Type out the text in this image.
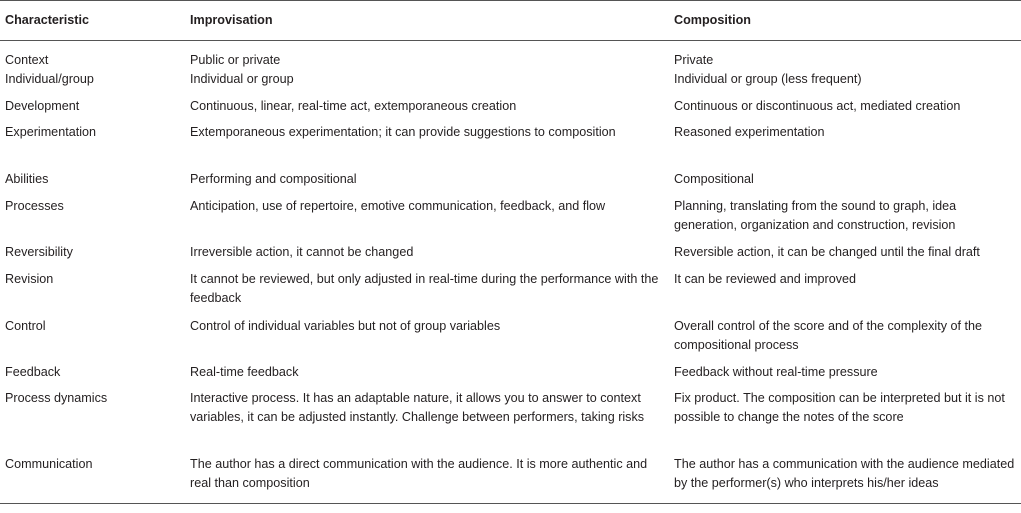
Characteristic	Improvisation	Composition
Context	Public or private	Private
Individual/group	Individual or group	Individual or group (less frequent)
Development	Continuous, linear, real-time act, extemporaneous creation	Continuous or discontinuous act, mediated creation
Experimentation	Extemporaneous experimentation; it can provide suggestions to composition	Reasoned experimentation
Abilities	Performing and compositional	Compositional
Processes	Anticipation, use of repertoire, emotive communication, feedback, and flow	Planning, translating from the sound to graph, idea generation, organization and construction, revision
Reversibility	Irreversible action, it cannot be changed	Reversible action, it can be changed until the final draft
Revision	It cannot be reviewed, but only adjusted in real-time during the performance with the feedback	It can be reviewed and improved
Control	Control of individual variables but not of group variables	Overall control of the score and of the complexity of the compositional process
Feedback	Real-time feedback	Feedback without real-time pressure
Process dynamics	Interactive process. It has an adaptable nature, it allows you to answer to context variables, it can be adjusted instantly. Challenge between performers, taking risks	Fix product. The composition can be interpreted but it is not possible to change the notes of the score
Communication	The author has a direct communication with the audience. It is more authentic and real than composition	The author has a communication with the audience mediated by the performer(s) who interprets his/her ideas
